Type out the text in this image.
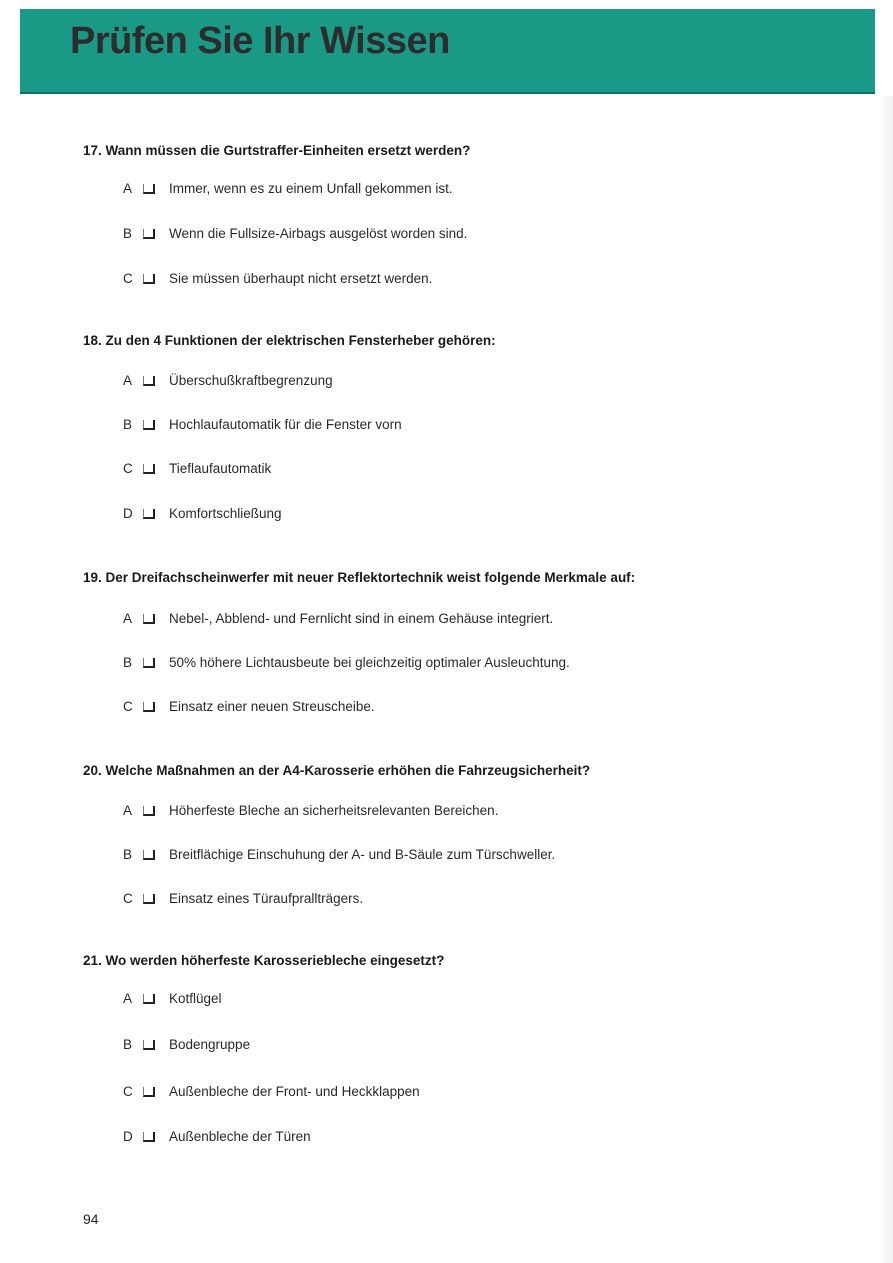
Prüfen Sie Ihr Wissen
17. Wann müssen die Gurtstraffer-Einheiten ersetzt werden?
A	Immer, wenn es zu einem Unfall gekommen ist.
B	Wenn die Fullsize-Airbags ausgelöst worden sind.
C	Sie müssen überhaupt nicht ersetzt werden.
18. Zu den 4 Funktionen der elektrischen Fensterheber gehören:
A	Überschußkraftbegrenzung
B	Hochlaufautomatik für die Fenster vorn
C	Tieflaufautomatik
D	Komfortschließung
19. Der Dreifachscheinwerfer mit neuer Reflektortechnik weist folgende Merkmale auf:
A	Nebel-, Abblend- und Fernlicht sind in einem Gehäuse integriert.
B	50% höhere Lichtausbeute bei gleichzeitig optimaler Ausleuchtung.
C	Einsatz einer neuen Streuscheibe.
20. Welche Maßnahmen an der A4-Karosserie erhöhen die Fahrzeugsicherheit?
A	Höherfeste Bleche an sicherheitsrelevanten Bereichen.
B	Breitflächige Einschuhung der A- und B-Säule zum Türschweller.
C	Einsatz eines Türaufprallträgers.
21. Wo werden höherfeste Karosseriebleche eingesetzt?
A	Kotflügel
B	Bodengruppe
C	Außenbleche der Front- und Heckklappen
D	Außenbleche der Türen
94
